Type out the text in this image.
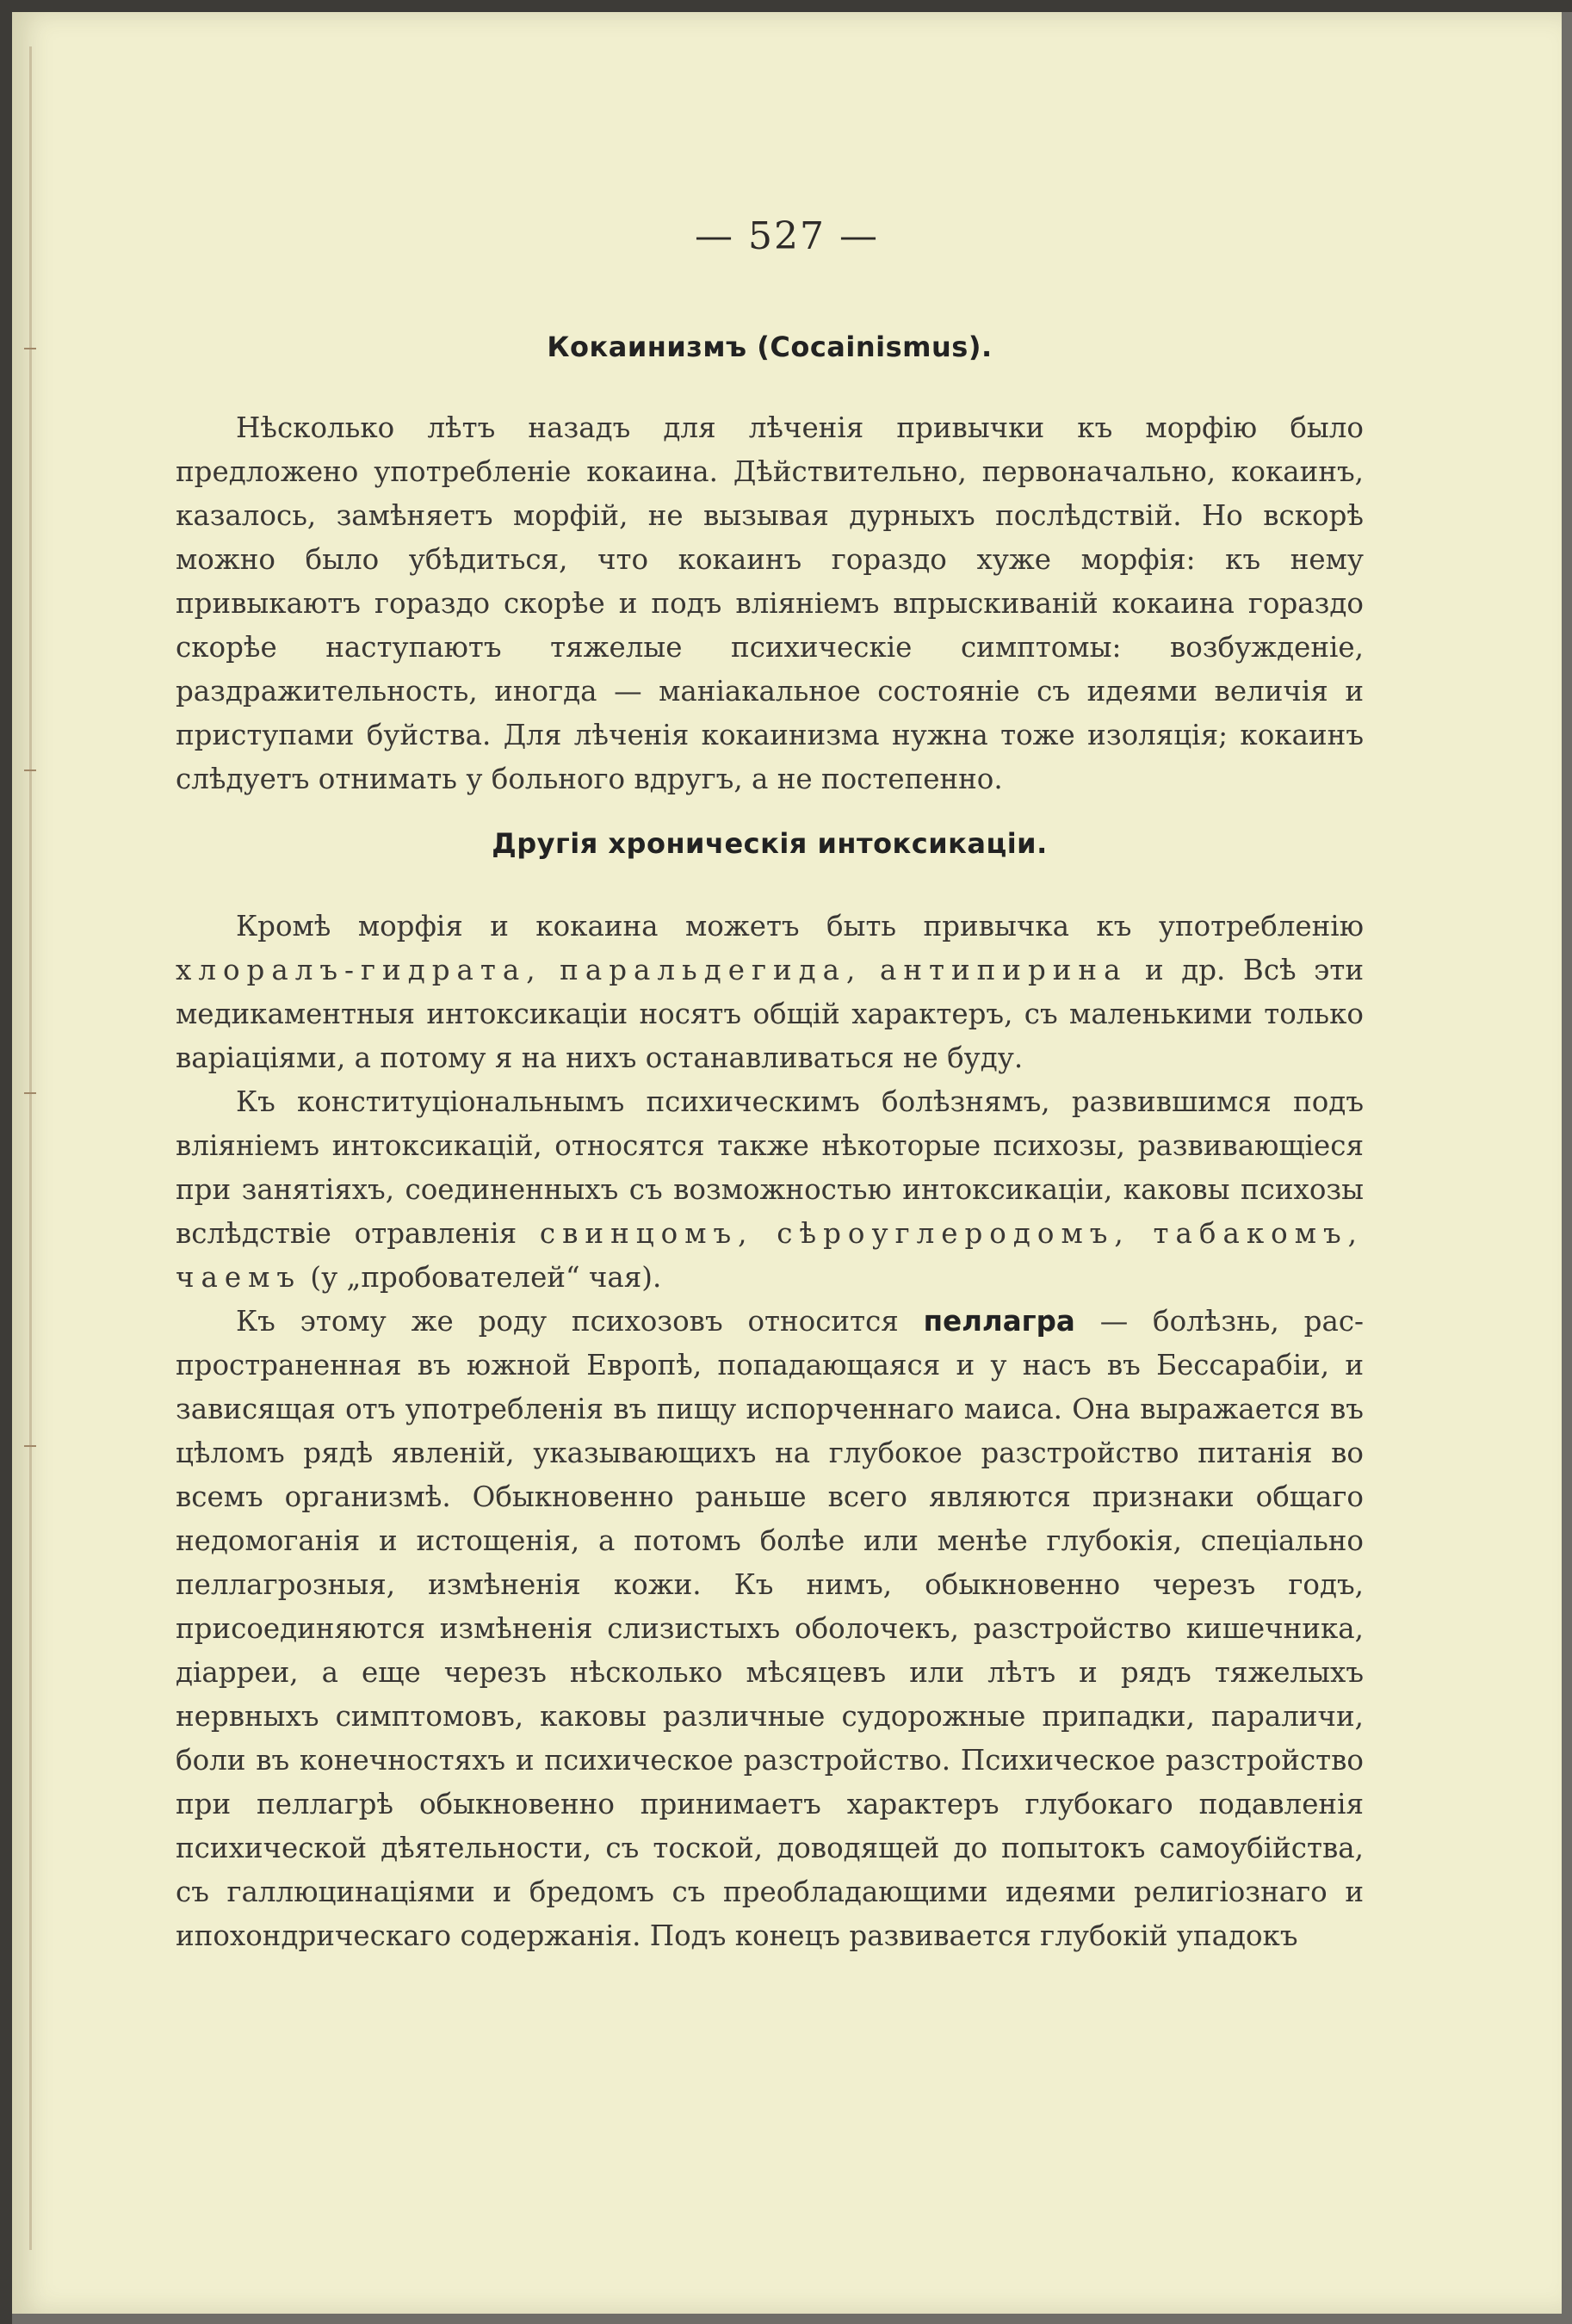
— 527 —
Кокаинизмъ (Cocainismus).

Нѣсколько лѣтъ назадъ для лѣченія привычки къ морфію было предложено употребленіе кокаина. Дѣйствительно, первоначально, кокаинъ, казалось, замѣняетъ морфій, не вызывая дурныхъ послѣдствій. Но вскорѣ можно было убѣдиться, что кокаинъ гораздо хуже морфія: къ нему привыкаютъ гораздо скорѣе и подъ вліяніемъ впрыскиваній кокаина гораздо скорѣе наступаютъ тяжелые психическіе симптомы: возбужденіе, раздражительность, иногда — маніакальное состояніе съ идеями величія и приступами буйства. Для лѣченія кокаинизма нужна тоже изоляція; кокаинъ слѣдуетъ отнимать у больного вдругъ, а не постепенно.

Другія хроническія интоксикаціи.

Кромѣ морфія и кокаина можетъ быть привычка къ употребленію хлоралъ-гидрата, паральдегида, антипирина и др. Всѣ эти медикаментныя интоксикаціи носятъ общій характеръ, съ маленькими только варіаціями, а потому я на нихъ останавливаться не буду.

Къ конституціональнымъ психическимъ болѣзнямъ, развившимся подъ вліяніемъ интоксикацій, относятся также нѣкоторые психозы, развивающіеся при занятіяхъ, соединенныхъ съ возможностью интоксикаціи, каковы психозы вслѣдствіе отравленія свинцомъ, сѣроуглеродомъ, табакомъ, чаемъ (у „пробователей“ чая).

Къ этому же роду психозовъ относится пеллагра — болѣзнь, распространенная въ южной Европѣ, попадающаяся и у насъ въ Бессарабіи, и зависящая отъ употребленія въ пищу испорченнаго маиса. Она выражается въ цѣломъ рядѣ явленій, указывающихъ на глубокое разстройство питанія во всемъ организмѣ. Обыкновенно раньше всего являются признаки общаго недомоганія и истощенія, а потомъ болѣе или менѣе глубокія, спеціально пеллагрозныя, измѣненія кожи. Къ нимъ, обыкновенно черезъ годъ, присоединяются измѣненія слизистыхъ оболочекъ, разстройство кишечника, діарреи, а еще черезъ нѣсколько мѣсяцевъ или лѣтъ и рядъ тяжелыхъ нервныхъ симптомовъ, каковы различные судорожные припадки, параличи, боли въ конечностяхъ и психическое разстройство. Психическое разстройство при пеллагрѣ обыкновенно принимаетъ характеръ глубокаго подавленія психической дѣятельности, съ тоской, доводящей до попытокъ самоубійства, съ галлюцинаціями и бредомъ съ преобладающими идеями религіознаго и ипохондрическаго содержанія. Подъ конецъ развивается глубокій упадокъ
